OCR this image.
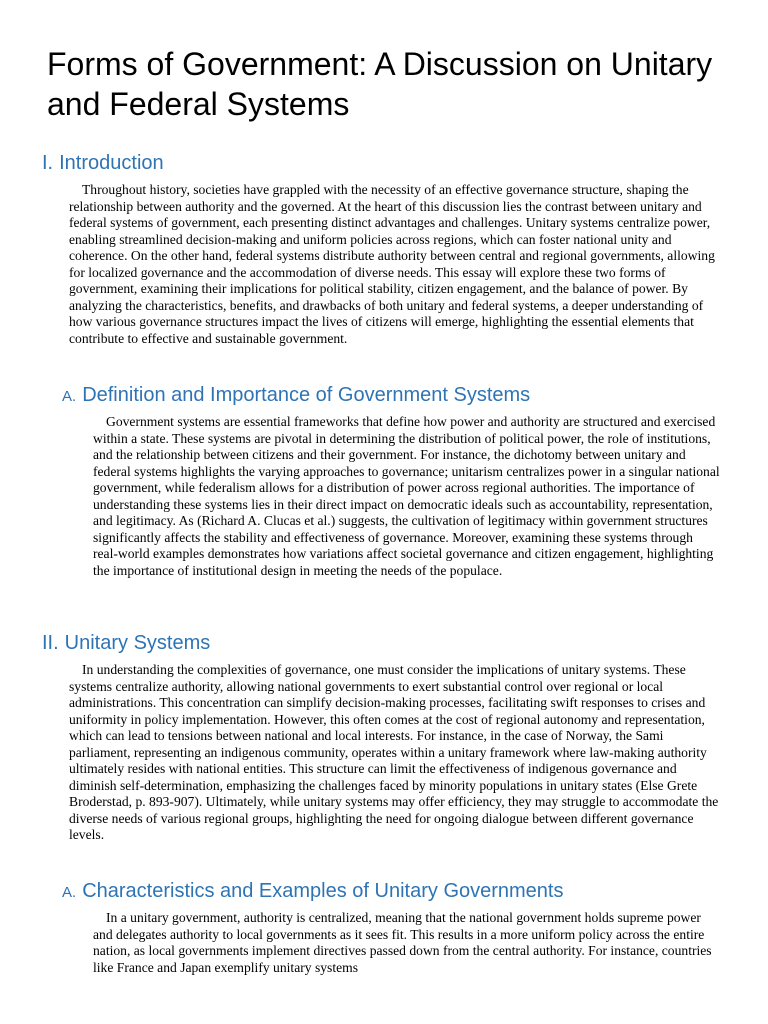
Forms of Government: A Discussion on Unitary and Federal Systems
I. Introduction

Throughout history, societies have grappled with the necessity of an effective governance structure, shaping the relationship between authority and the governed. At the heart of this discussion lies the contrast between unitary and federal systems of government, each presenting distinct advantages and challenges. Unitary systems centralize power, enabling streamlined decision-making and uniform policies across regions, which can foster national unity and coherence. On the other hand, federal systems distribute authority between central and regional governments, allowing for localized governance and the accommodation of diverse needs. This essay will explore these two forms of government, examining their implications for political stability, citizen engagement, and the balance of power. By analyzing the characteristics, benefits, and drawbacks of both unitary and federal systems, a deeper understanding of how various governance structures impact the lives of citizens will emerge, highlighting the essential elements that contribute to effective and sustainable government.

A. Definition and Importance of Government Systems

Government systems are essential frameworks that define how power and authority are structured and exercised within a state. These systems are pivotal in determining the distribution of political power, the role of institutions, and the relationship between citizens and their government. For instance, the dichotomy between unitary and federal systems highlights the varying approaches to governance; unitarism centralizes power in a singular national government, while federalism allows for a distribution of power across regional authorities. The importance of understanding these systems lies in their direct impact on democratic ideals such as accountability, representation, and legitimacy. As (Richard A. Clucas et al.) suggests, the cultivation of legitimacy within government structures significantly affects the stability and effectiveness of governance. Moreover, examining these systems through real-world examples demonstrates how variations affect societal governance and citizen engagement, highlighting the importance of institutional design in meeting the needs of the populace.

II. Unitary Systems

In understanding the complexities of governance, one must consider the implications of unitary systems. These systems centralize authority, allowing national governments to exert substantial control over regional or local administrations. This concentration can simplify decision-making processes, facilitating swift responses to crises and uniformity in policy implementation. However, this often comes at the cost of regional autonomy and representation, which can lead to tensions between national and local interests. For instance, in the case of Norway, the Sami parliament, representing an indigenous community, operates within a unitary framework where law-making authority ultimately resides with national entities. This structure can limit the effectiveness of indigenous governance and diminish self-determination, emphasizing the challenges faced by minority populations in unitary states (Else Grete Broderstad, p. 893-907). Ultimately, while unitary systems may offer efficiency, they may struggle to accommodate the diverse needs of various regional groups, highlighting the need for ongoing dialogue between different governance levels.

A. Characteristics and Examples of Unitary Governments

In a unitary government, authority is centralized, meaning that the national government holds supreme power and delegates authority to local governments as it sees fit. This results in a more uniform policy across the entire nation, as local governments implement directives passed down from the central authority. For instance, countries like France and Japan exemplify unitary systems
